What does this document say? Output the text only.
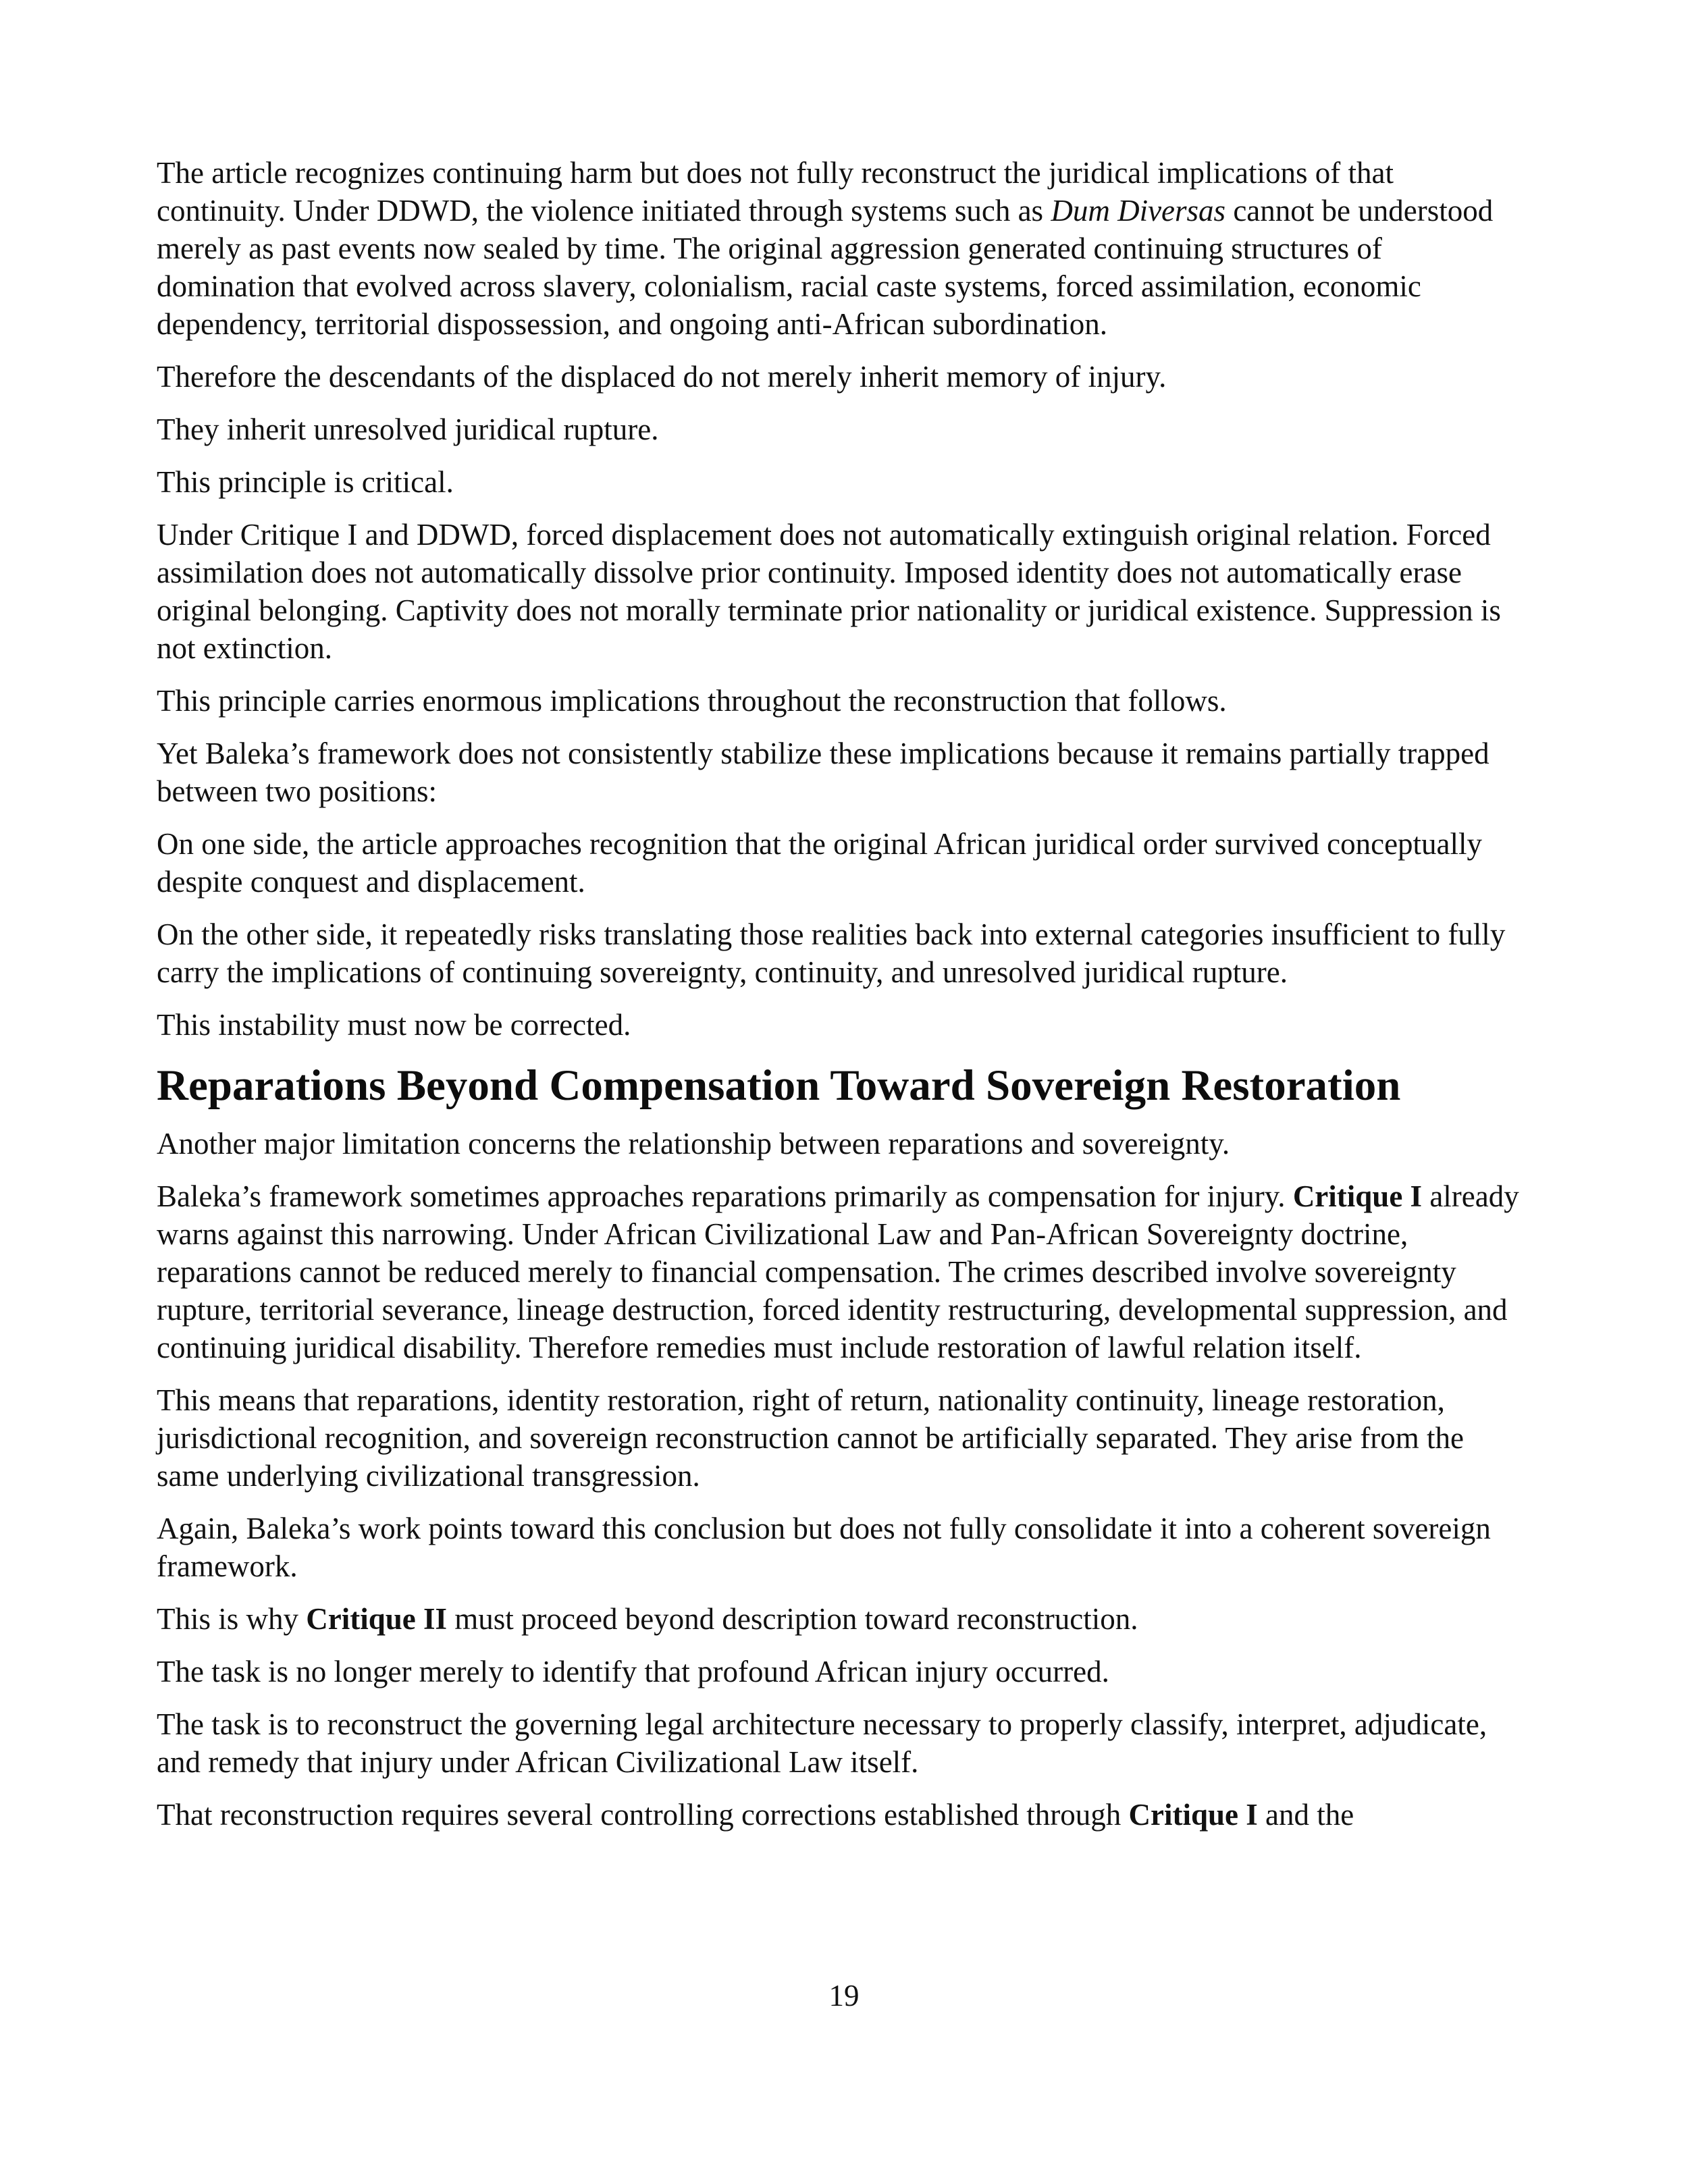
The article recognizes continuing harm but does not fully reconstruct the juridical implications of that continuity. Under DDWD, the violence initiated through systems such as Dum Diversas cannot be understood merely as past events now sealed by time. The original aggression generated continuing structures of domination that evolved across slavery, colonialism, racial caste systems, forced assimilation, economic dependency, territorial dispossession, and ongoing anti-African subordination.

Therefore the descendants of the displaced do not merely inherit memory of injury.

They inherit unresolved juridical rupture.

This principle is critical.

Under Critique I and DDWD, forced displacement does not automatically extinguish original relation. Forced assimilation does not automatically dissolve prior continuity. Imposed identity does not automatically erase original belonging. Captivity does not morally terminate prior nationality or juridical existence. Suppression is not extinction.

This principle carries enormous implications throughout the reconstruction that follows.

Yet Baleka’s framework does not consistently stabilize these implications because it remains partially trapped between two positions:

On one side, the article approaches recognition that the original African juridical order survived conceptually despite conquest and displacement.

On the other side, it repeatedly risks translating those realities back into external categories insufficient to fully carry the implications of continuing sovereignty, continuity, and unresolved juridical rupture.

This instability must now be corrected.

Reparations Beyond Compensation Toward Sovereign Restoration

Another major limitation concerns the relationship between reparations and sovereignty.

Baleka’s framework sometimes approaches reparations primarily as compensation for injury. Critique I already warns against this narrowing. Under African Civilizational Law and Pan-African Sovereignty doctrine, reparations cannot be reduced merely to financial compensation. The crimes described involve sovereignty rupture, territorial severance, lineage destruction, forced identity restructuring, developmental suppression, and continuing juridical disability. Therefore remedies must include restoration of lawful relation itself.

This means that reparations, identity restoration, right of return, nationality continuity, lineage restoration, jurisdictional recognition, and sovereign reconstruction cannot be artificially separated. They arise from the same underlying civilizational transgression.

Again, Baleka’s work points toward this conclusion but does not fully consolidate it into a coherent sovereign framework.

This is why Critique II must proceed beyond description toward reconstruction.

The task is no longer merely to identify that profound African injury occurred.

The task is to reconstruct the governing legal architecture necessary to properly classify, interpret, adjudicate, and remedy that injury under African Civilizational Law itself.

That reconstruction requires several controlling corrections established through Critique I and the

19
